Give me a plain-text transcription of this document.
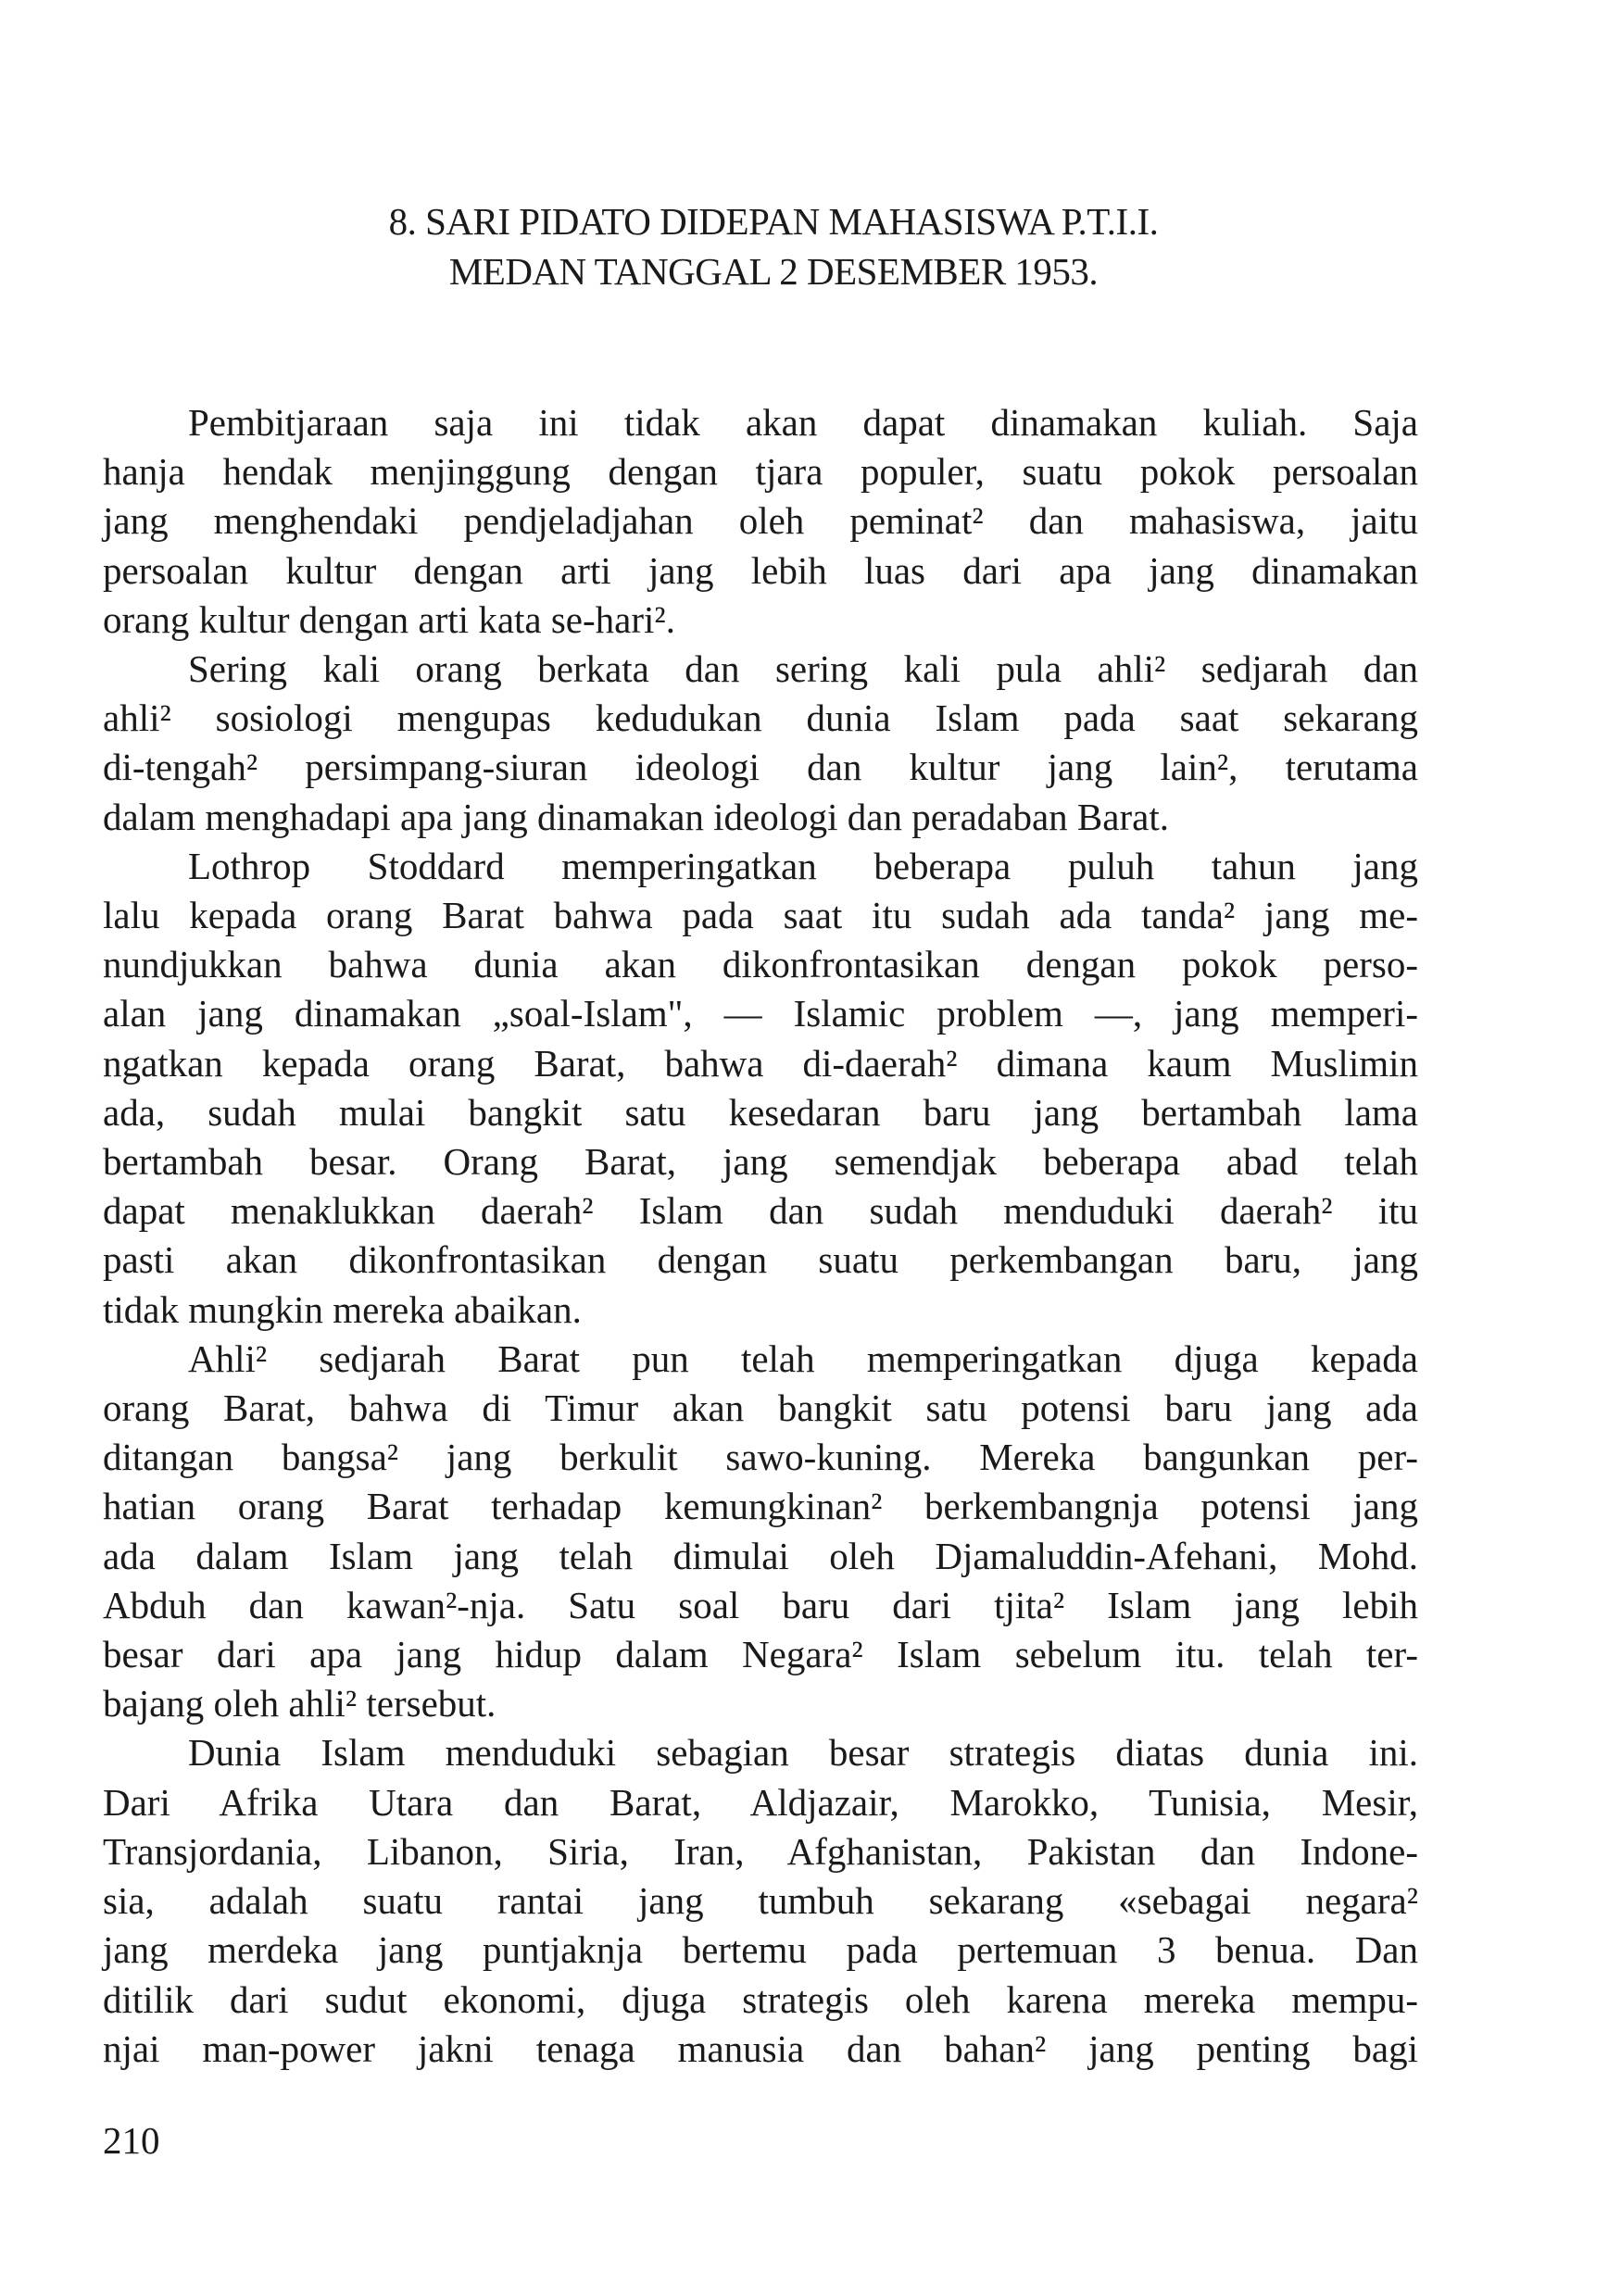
8. SARI PIDATO DIDEPAN MAHASISWA P.T.I.I.
MEDAN TANGGAL 2 DESEMBER 1953.
Pembitjaraan saja ini tidak akan dapat dinamakan kuliah. Saja
hanja hendak menjinggung dengan tjara populer, suatu pokok persoalan
jang menghendaki pendjeladjahan oleh peminat² dan mahasiswa, jaitu
persoalan kultur dengan arti jang lebih luas dari apa jang dinamakan
orang kultur dengan arti kata se-hari².
Sering kali orang berkata dan sering kali pula ahli² sedjarah dan
ahli² sosiologi mengupas kedudukan dunia Islam pada saat sekarang
di-tengah² persimpang-siuran ideologi dan kultur jang lain², terutama
dalam menghadapi apa jang dinamakan ideologi dan peradaban Barat.
Lothrop Stoddard memperingatkan beberapa puluh tahun jang
lalu kepada orang Barat bahwa pada saat itu sudah ada tanda² jang me-
nundjukkan bahwa dunia akan dikonfrontasikan dengan pokok perso-
alan jang dinamakan „soal-Islam", — Islamic problem —, jang memperi-
ngatkan kepada orang Barat, bahwa di-daerah² dimana kaum Muslimin
ada, sudah mulai bangkit satu kesedaran baru jang bertambah lama
bertambah besar. Orang Barat, jang semendjak beberapa abad telah
dapat menaklukkan daerah² Islam dan sudah menduduki daerah² itu
pasti akan dikonfrontasikan dengan suatu perkembangan baru, jang
tidak mungkin mereka abaikan.
Ahli² sedjarah Barat pun telah memperingatkan djuga kepada
orang Barat, bahwa di Timur akan bangkit satu potensi baru jang ada
ditangan bangsa² jang berkulit sawo-kuning. Mereka bangunkan per-
hatian orang Barat terhadap kemungkinan² berkembangnja potensi jang
ada dalam Islam jang telah dimulai oleh Djamaluddin-Afehani, Mohd.
Abduh dan kawan²-nja. Satu soal baru dari tjita² Islam jang lebih
besar dari apa jang hidup dalam Negara² Islam sebelum itu. telah ter-
bajang oleh ahli² tersebut.
Dunia Islam menduduki sebagian besar strategis diatas dunia ini.
Dari Afrika Utara dan Barat, Aldjazair, Marokko, Tunisia, Mesir,
Transjordania, Libanon, Siria, Iran, Afghanistan, Pakistan dan Indone-
sia, adalah suatu rantai jang tumbuh sekarang «sebagai negara²
jang merdeka jang puntjaknja bertemu pada pertemuan 3 benua. Dan
ditilik dari sudut ekonomi, djuga strategis oleh karena mereka mempu-
njai man-power jakni tenaga manusia dan bahan² jang penting bagi
210
